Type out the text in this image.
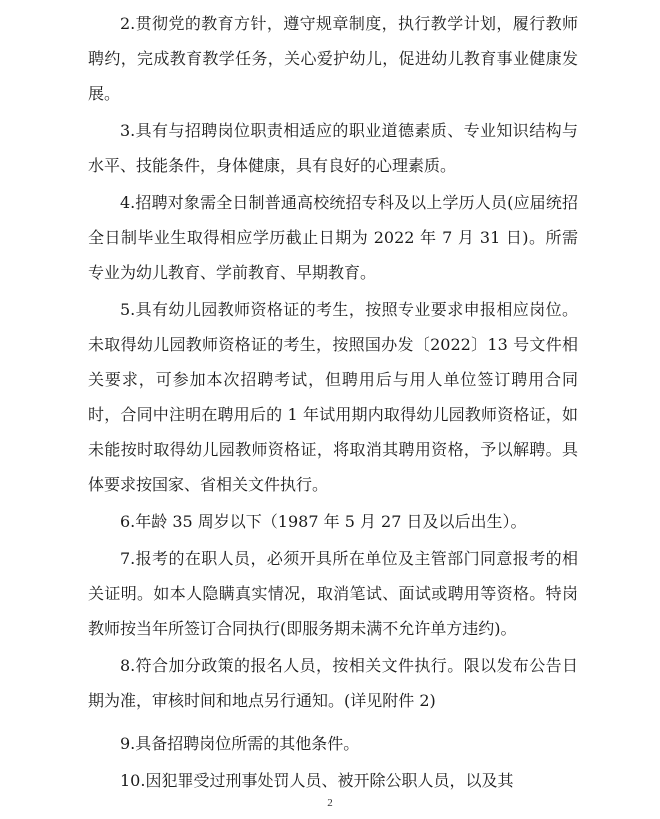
2.贯彻党的教育方针，遵守规章制度，执行教学计划，履行教师聘约，完成教育教学任务，关心爱护幼儿，促进幼儿教育事业健康发展。

3.具有与招聘岗位职责相适应的职业道德素质、专业知识结构与水平、技能条件，身体健康，具有良好的心理素质。

4.招聘对象需全日制普通高校统招专科及以上学历人员(应届统招全日制毕业生取得相应学历截止日期为 2022 年 7 月 31 日)。所需专业为幼儿教育、学前教育、早期教育。

5.具有幼儿园教师资格证的考生，按照专业要求申报相应岗位。未取得幼儿园教师资格证的考生，按照国办发〔2022〕13 号文件相关要求，可参加本次招聘考试，但聘用后与用人单位签订聘用合同时，合同中注明在聘用后的 1 年试用期内取得幼儿园教师资格证，如未能按时取得幼儿园教师资格证，将取消其聘用资格，予以解聘。具体要求按国家、省相关文件执行。

6.年龄 35 周岁以下（1987 年 5 月 27 日及以后出生）。

7.报考的在职人员，必须开具所在单位及主管部门同意报考的相关证明。如本人隐瞒真实情况，取消笔试、面试或聘用等资格。特岗教师按当年所签订合同执行(即服务期未满不允许单方违约)。

8.符合加分政策的报名人员，按相关文件执行。限以发布公告日期为准，审核时间和地点另行通知。(详见附件 2)

9.具备招聘岗位所需的其他条件。

10.因犯罪受过刑事处罚人员、被开除公职人员，以及其

2
